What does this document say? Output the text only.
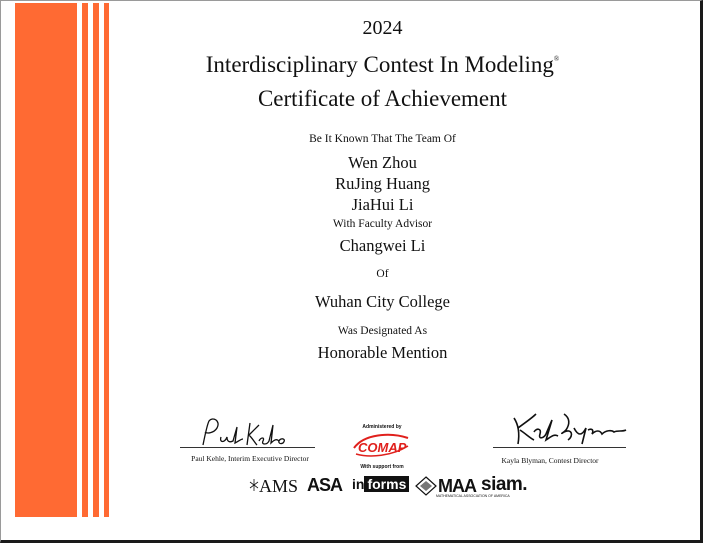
2024
Interdisciplinary Contest In Modeling®
Certificate of Achievement
Be It Known That The Team Of
Wen Zhou
RuJing Huang
JiaHui Li
With Faculty Advisor
Changwei Li
Of
Wuhan City College
Was Designated As
Honorable Mention
Paul Kehle, Interim Executive Director	Kayla Blyman, Contest Director
Administered by
COMAP
With support from
AMS ASA in forms MAA
MATHEMATICAL ASSOCIATION OF AMERICA
siam.
